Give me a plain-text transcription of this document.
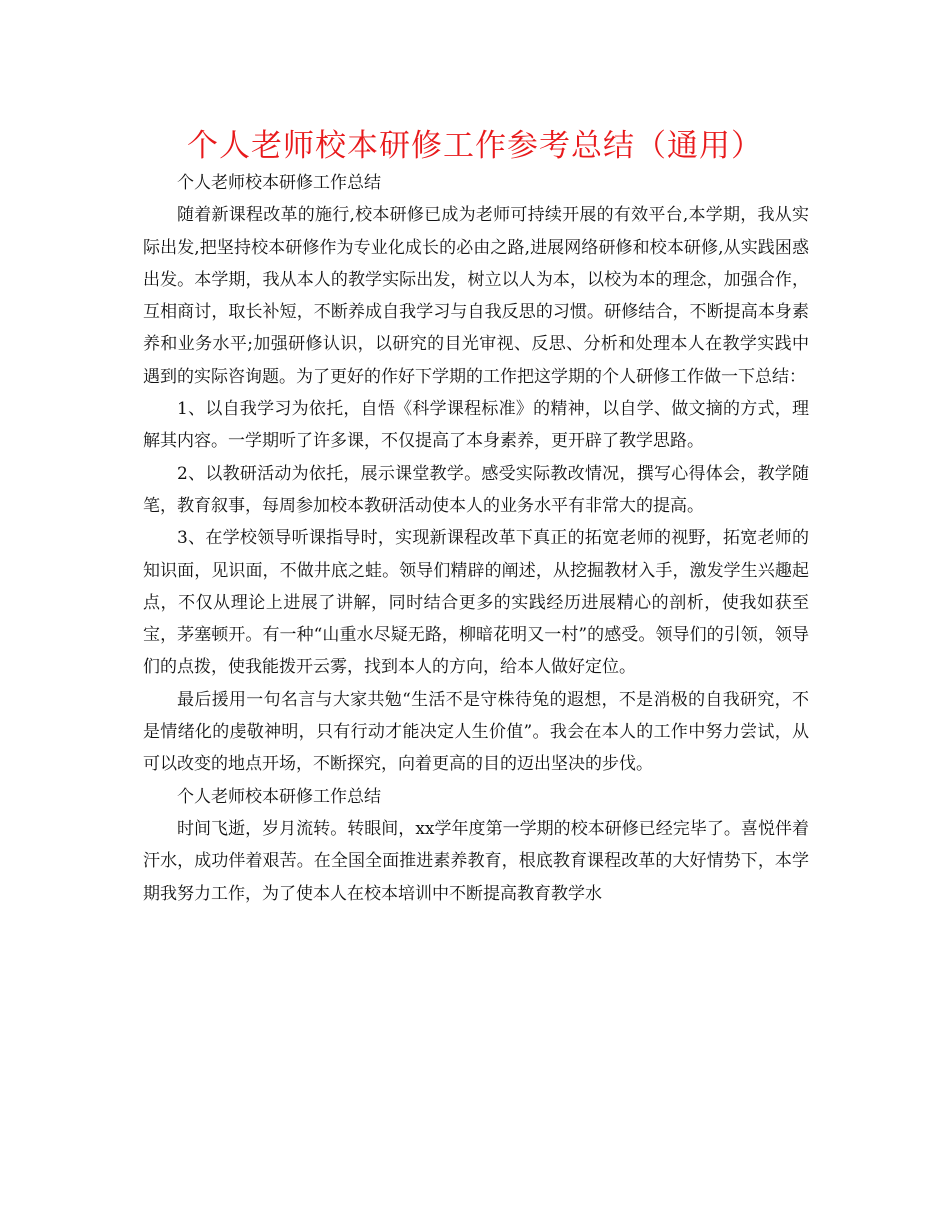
个人老师校本研修工作参考总结（通用）

个人老师校本研修工作总结

随着新课程改革的施行,校本研修已成为老师可持续开展的有效平台,本学期，我从实际出发,把坚持校本研修作为专业化成长的必由之路,进展网络研修和校本研修,从实践困惑出发。本学期，我从本人的教学实际出发，树立以人为本，以校为本的理念，加强合作，互相商讨，取长补短，不断养成自我学习与自我反思的习惯。研修结合，不断提高本身素养和业务水平;加强研修认识，以研究的目光审视、反思、分析和处理本人在教学实践中遇到的实际咨询题。为了更好的作好下学期的工作把这学期的个人研修工作做一下总结：

1、以自我学习为依托，自悟《科学课程标准》的精神，以自学、做文摘的方式，理解其内容。一学期听了许多课，不仅提高了本身素养，更开辟了教学思路。

2、以教研活动为依托，展示课堂教学。感受实际教改情况，撰写心得体会，教学随笔，教育叙事，每周参加校本教研活动使本人的业务水平有非常大的提高。

3、在学校领导听课指导时，实现新课程改革下真正的拓宽老师的视野，拓宽老师的知识面，见识面，不做井底之蛙。领导们精辟的阐述，从挖掘教材入手，激发学生兴趣起点，不仅从理论上进展了讲解，同时结合更多的实践经历进展精心的剖析，使我如获至宝，茅塞顿开。有一种“山重水尽疑无路，柳暗花明又一村”的感受。领导们的引领，领导们的点拨，使我能拨开云雾，找到本人的方向，给本人做好定位。

最后援用一句名言与大家共勉“生活不是守株待兔的遐想，不是消极的自我研究，不是情绪化的虔敬神明，只有行动才能决定人生价值”。我会在本人的工作中努力尝试，从可以改变的地点开场，不断探究，向着更高的目的迈出坚决的步伐。

个人老师校本研修工作总结

时间飞逝，岁月流转。转眼间，xx学年度第一学期的校本研修已经完毕了。喜悦伴着汗水，成功伴着艰苦。在全国全面推进素养教育，根底教育课程改革的大好情势下，本学期我努力工作，为了使本人在校本培训中不断提高教育教学水
